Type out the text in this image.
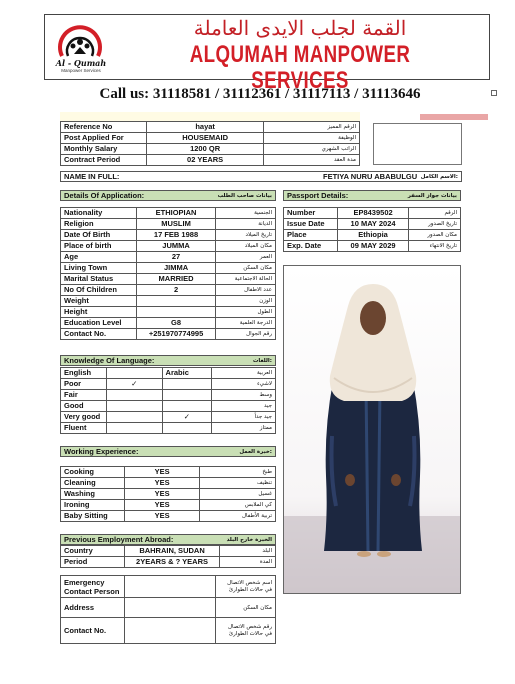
Al - Qumah
Manpower Services
القمة لجلب الايدى العاملة
ALQUMAH MANPOWER SERVICES
Call us: 31118581 / 31112361 / 31117113 / 31113646
Reference No	hayat	الرقم المميز
Post Applied For	HOUSEMAID	الوظيفة
Monthly Salary	1200 QR	الراتب الشهري
Contract Period	02 YEARS	مدة العقد
NAME IN FULL:	FETIYA NURU ABABULGU الاسم الكامل:
Details Of Application:	بيانات صاحب الطلب
Nationality	ETHIOPIAN	الجنسية
Religion	MUSLIM	الديانة
Date Of Birth	17 FEB 1988	تاريخ الميلاد
Place of birth	JUMMA	مكان الميلاد
Age	27	العمر
Living Town	JIMMA	مكان السكن
Marital Status	MARRIED	الحالة الاجتماعية
No Of Children	2	عدد الاطفال
Weight		الوزن
Height		الطول
Education Level	G8	الدرجة العلمية
Contact No.	+251970774995	رقم الجوال
Passport Details:	بيانات جواز السفر
Number	EP8439502	الرقم
Issue Date	10 MAY 2024	تاريخ الصدور
Place	Ethiopia	مكان الصدور
Exp. Date	09 MAY 2029	تاريخ الانتهاء
Knowledge Of Language:	اللغات:
English		Arabic	العربية
Poor	✓		لاشيء
Fair			وسط
Good			جيد
Very good		✓	جيد جداً
Fluent			ممتاز
Working Experience:	خبرة العمل:
Cooking	YES	طبخ
Cleaning	YES	تنظيف
Washing	YES	غسيل
Ironing	YES	كي الملابس
Baby Sitting	YES	تربية الأطفال
Previous Employment Abroad:	الخبرة خارج البلد
Country	BAHRAIN, SUDAN	البلد
Period	2YEARS & ? YEARS	المدة
Emergency Contact Person		اسم شخص الاتصال في حالات الطوارئ
Address		مكان السكن
Contact No.		رقم شخص الاتصال في حالات الطوارئ
